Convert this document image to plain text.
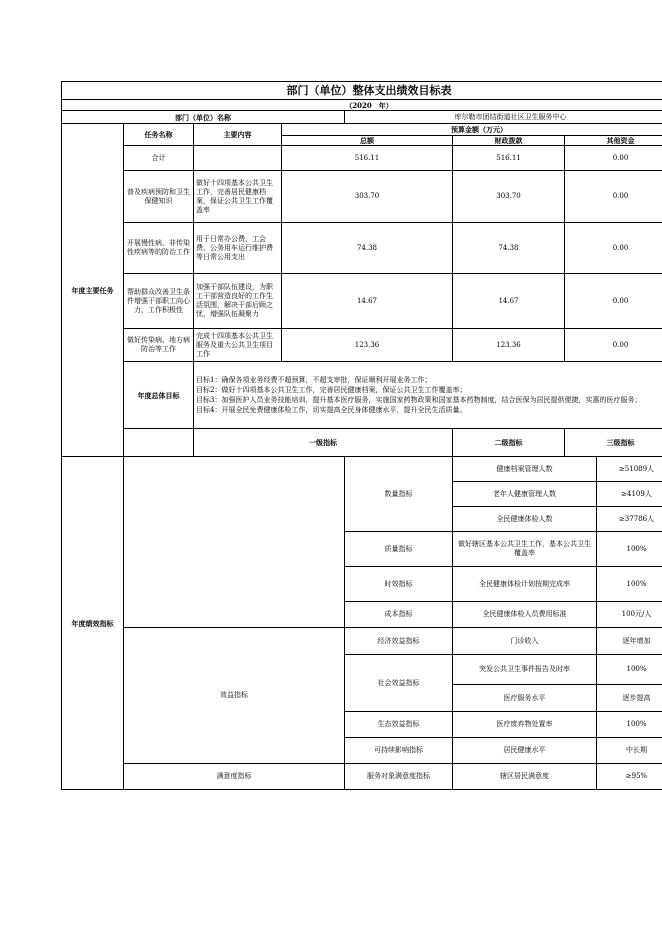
部门（单位）整体支出绩效目标表								
（2020　年）								
部门（单位）名称				库尔勒市团结街道社区卫生服务中心				
年度主要任务	任务名称	主要内容	预算金额（万元）					
			总额		财政拨款	其他资金		
	合计		516.11		516.11	0.00		

	普及疾病预防和卫生保健知识	做好十四项基本公共卫生工作，完善居民健康档案，保证公共卫生工作覆盖率	303.70		303.70	0.00		

	开展慢性病、非传染性疾病等的防治工作	用于日常办公费、工会费、公务用车运行维护费等日常公用支出	74.38		74.38	0.00		

	帮助群众改善卫生条件增强干部职工向心力，工作积极性	加强干部队伍建设，为职工干部营造良好的工作生活氛围，解决干部后顾之忧，增强队伍凝聚力	14.67		14.67	0.00		

	做好传染病、地方病防治等工作	完成十四项基本公共卫生服务及重大公共卫生项目工作	123.36		123.36	0.00		

	年度总体目标	目标1：确保各项业务经费不超预算，不超支审批，保证顺利开展业务工作；
目标2：做好十四项基本公共卫生工作，完善居民健康档案，保证公共卫生工作覆盖率；
目标3：加强医护人员业务技能培训，提升基本医疗服务，实施国家药物政策和国家基本药物制度，结合医保为居民提供便捷，实惠的医疗服务；
目标4：开展全民免费健康体检工作，切实提高全民身体健康水平，提升全民生活质量。						

		一级指标			二级指标	三级指标	
年度绩效指标				数量指标	健康档案管理人数		≥51089人	
					老年人健康管理人数		≥4109人	
					全民健康体检人数		≥37786人	
				质量指标	做好辖区基本公共卫生工作，基本公共卫生覆盖率		100%	
				时效指标	全民健康体检计划按期完成率		100%	
				成本指标	全民健康体检人员费用标准		100元/人	
	效益指标			经济效益指标	门诊收入		逐年增加	
				社会效益指标	突发公共卫生事件报告及时率		100%	
					医疗服务水平		逐步提高	
				生态效益指标	医疗废弃物处置率		100%	
				可持续影响指标	居民健康水平		中长期	
	满意度指标			服务对象满意度指标	辖区居民满意度		≥95%	
